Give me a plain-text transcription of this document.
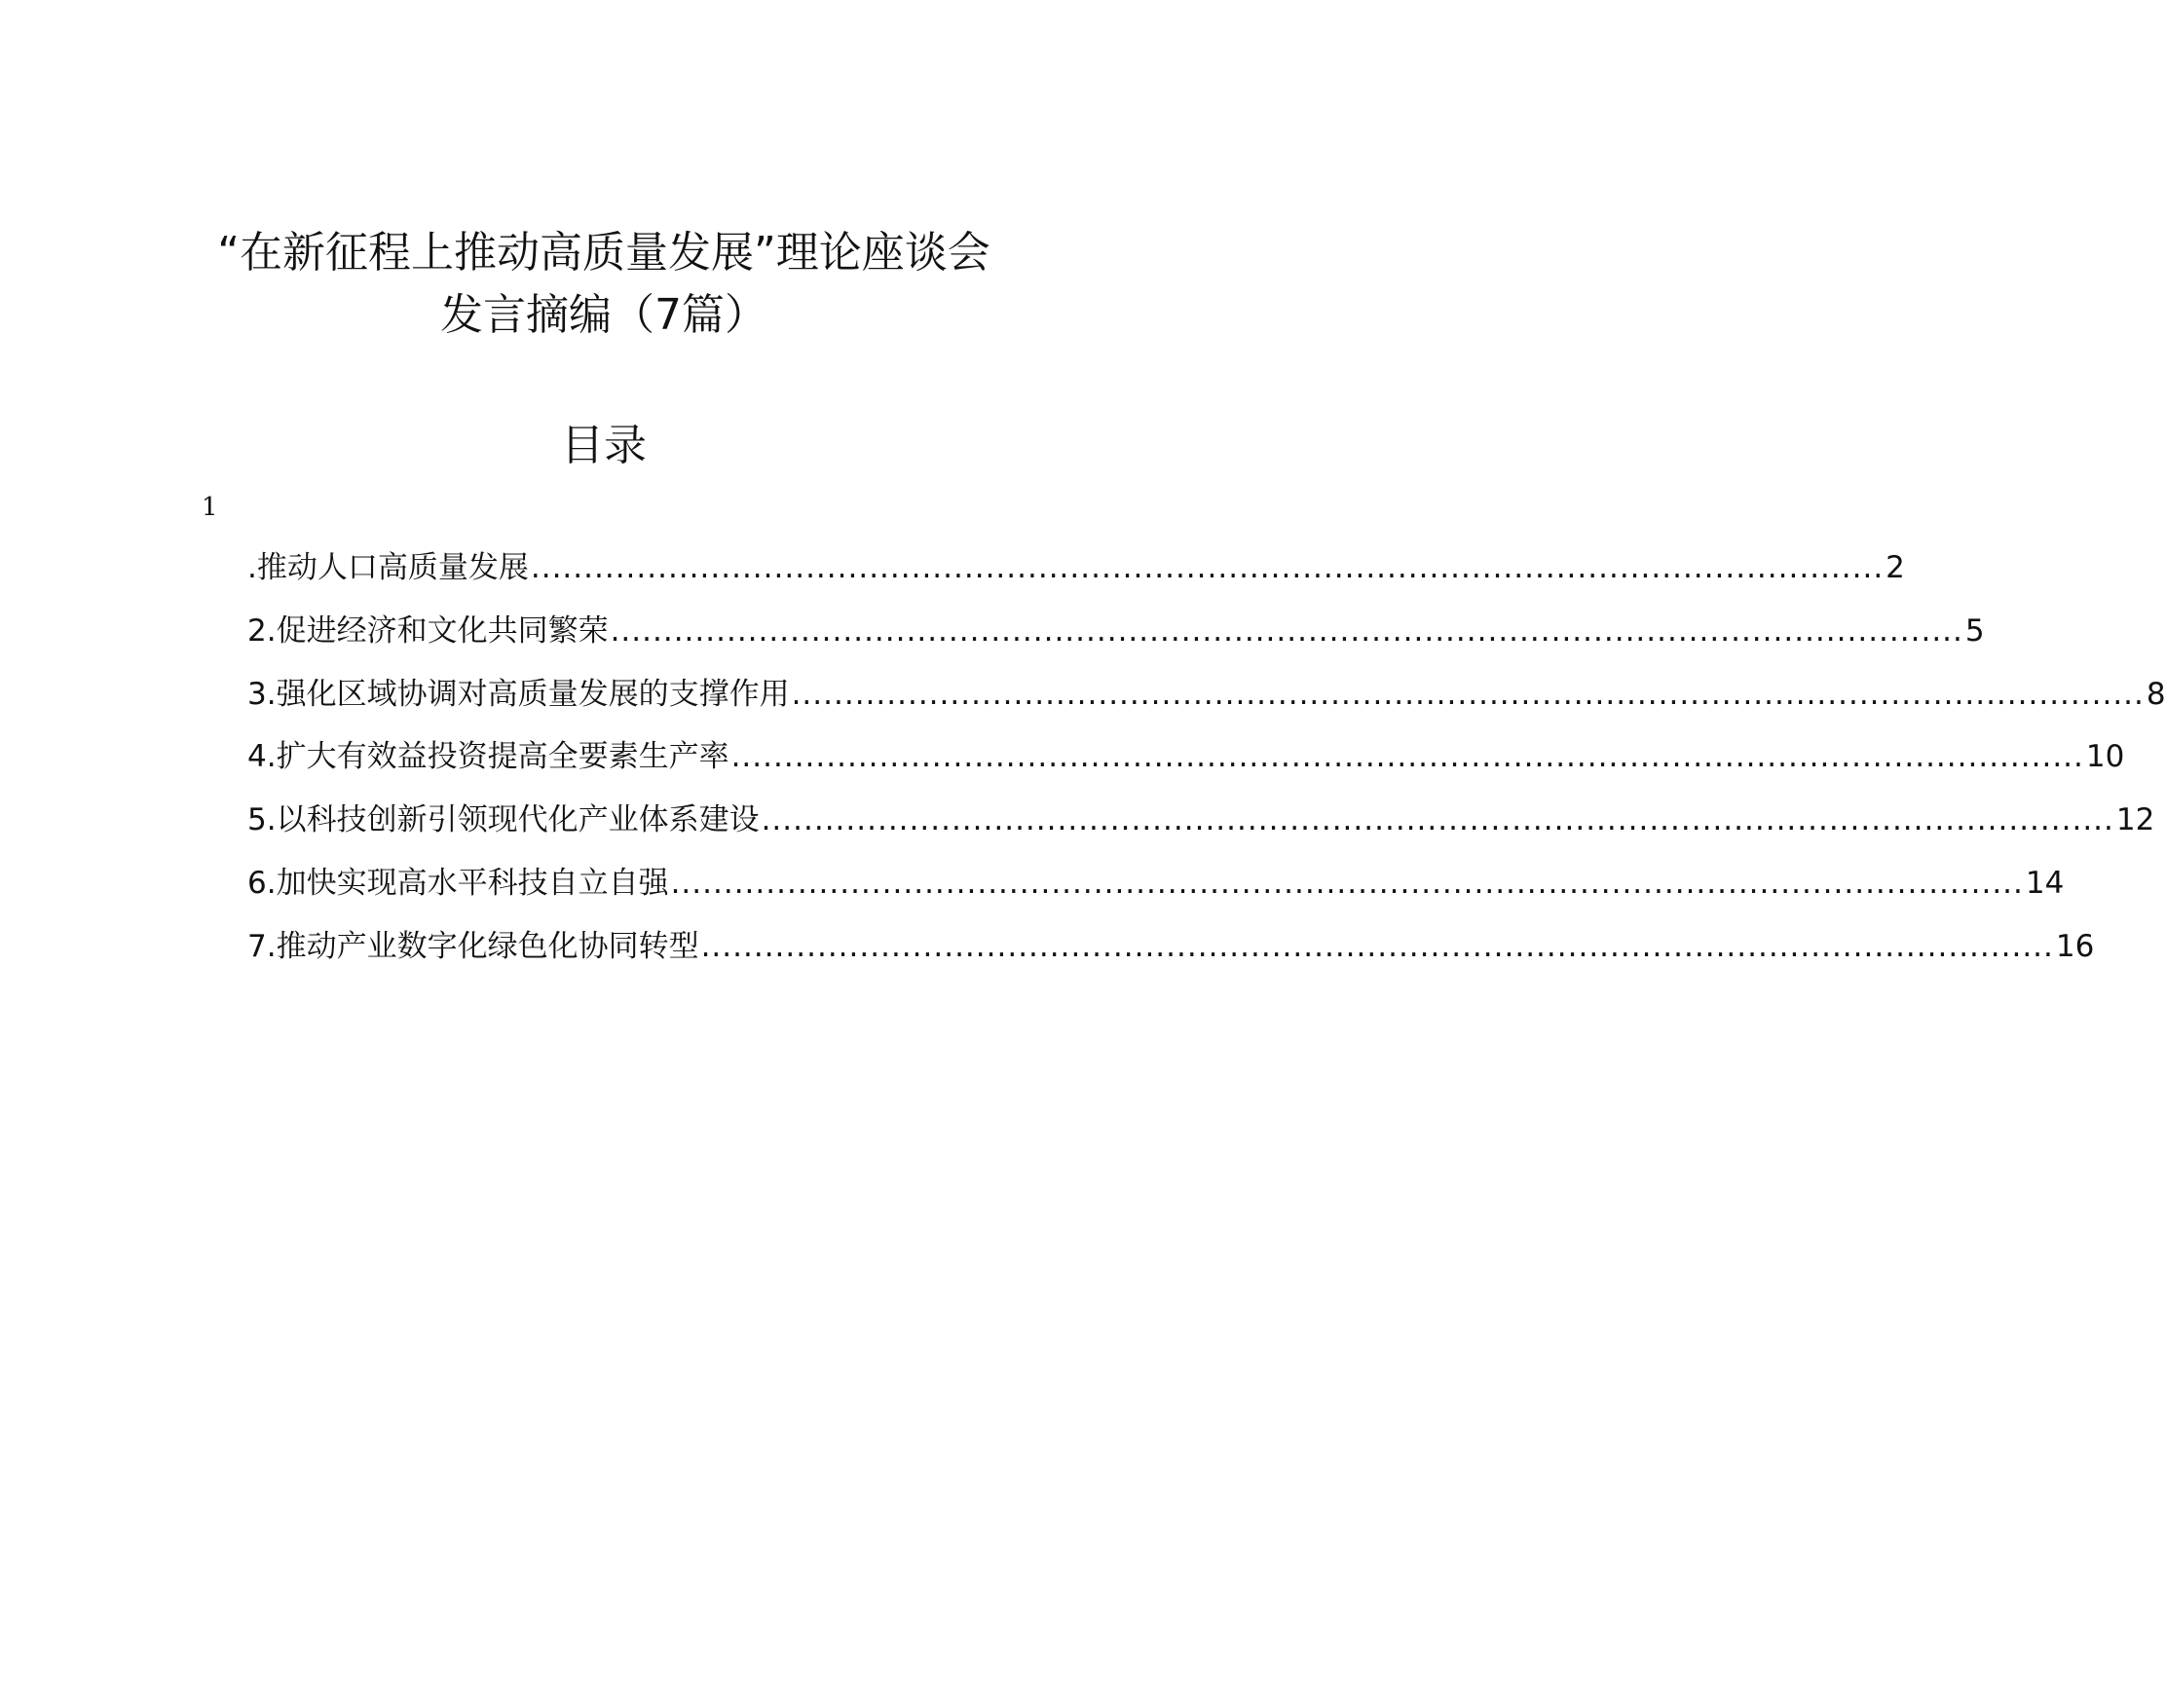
“在新征程上推动高质量发展”理论座谈会
发言摘编（7篇）
目录
1
.推动人口高质量发展 ................................................................................................................................ 2
2.促进经济和文化共同繁荣 ................................................................................................................................ 5
3.强化区域协调对高质量发展的支撑作用 ................................................................................................................................ 8
4.扩大有效益投资提高全要素生产率 ................................................................................................................................ 10
5.以科技创新引领现代化产业体系建设 ................................................................................................................................ 12
6.加快实现高水平科技自立自强 ................................................................................................................................ 14
7.推动产业数字化绿色化协同转型 ................................................................................................................................ 16
